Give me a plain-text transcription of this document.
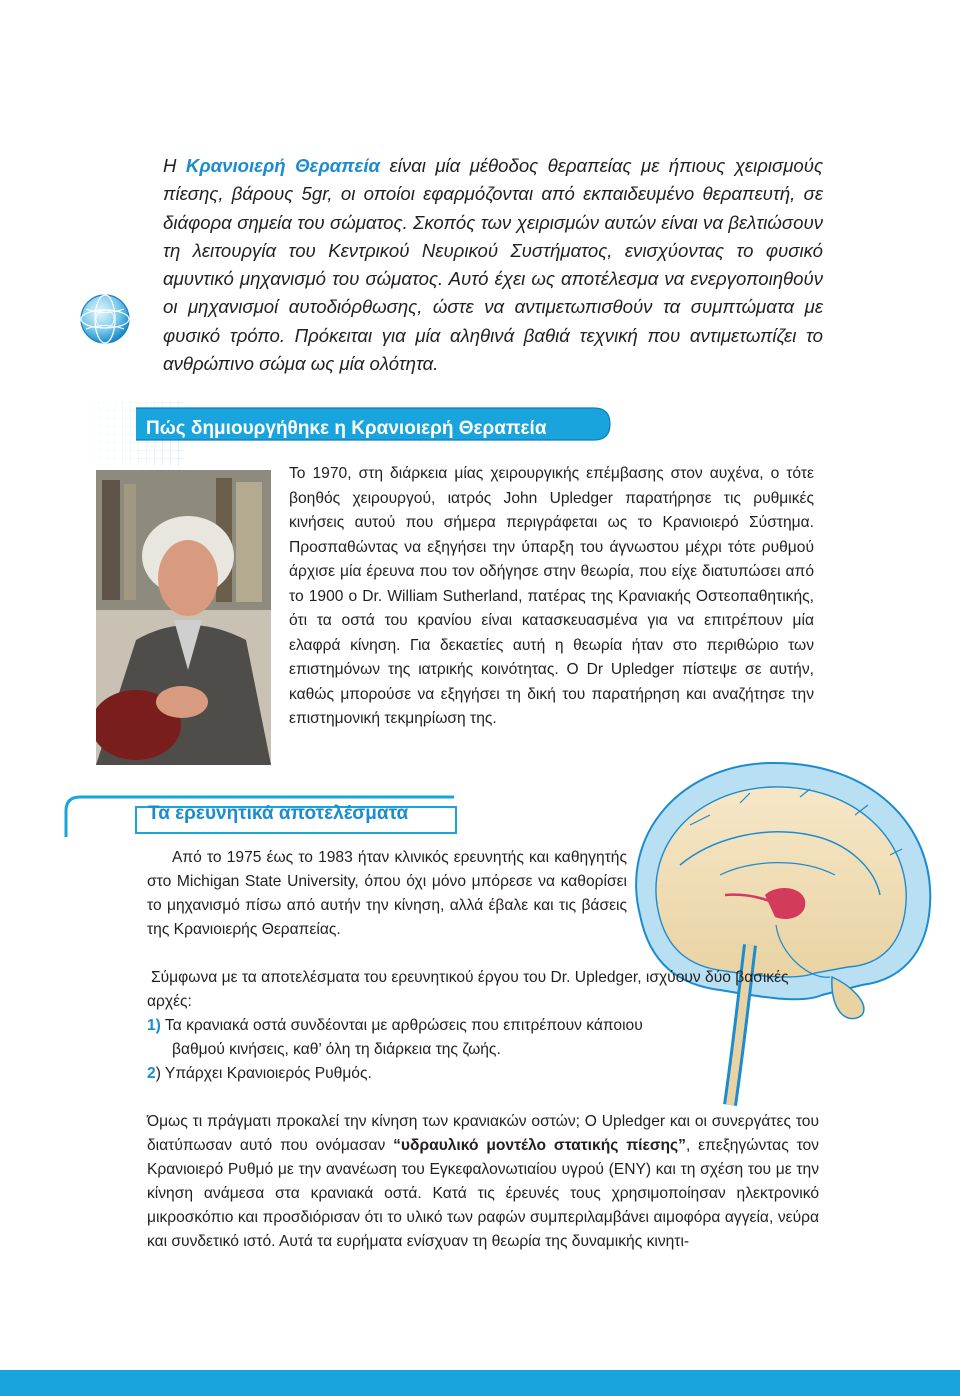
Η Κρανιοιερή Θεραπεία είναι μία μέθοδος θεραπείας με ήπιους χειρισμούς πίεσης, βάρους 5gr, οι οποίοι εφαρμόζονται από εκπαιδευμένο θεραπευτή, σε διάφορα σημεία του σώματος. Σκοπός των χειρισμών αυτών είναι να βελτιώσουν τη λειτουργία του Κεντρικού Νευρικού Συστήματος, ενισχύοντας το φυσικό αμυντικό μηχανισμό του σώματος. Αυτό έχει ως αποτέλεσμα να ενεργοποιηθούν οι μηχανισμοί αυτοδιόρθωσης, ώστε να αντιμετωπισθούν τα συμπτώματα με φυσικό τρόπο. Πρόκειται για μία αληθινά βαθιά τεχνική που αντιμετωπίζει το ανθρώπινο σώμα ως μία ολότητα.
Πώς δημιουργήθηκε η Κρανιοιερή Θεραπεία
Το 1970, στη διάρκεια μίας χειρουργικής επέμβασης στον αυχένα, ο τότε βοηθός χειρουργού, ιατρός John Upledger παρατήρησε τις ρυθμικές κινήσεις αυτού που σήμερα περιγράφεται ως το Κρανιοιερό Σύστημα. Προσπαθώντας να εξηγήσει την ύπαρξη του άγνωστου μέχρι τότε ρυθμού άρχισε μία έρευνα που τον οδήγησε στην θεωρία, που είχε διατυπώσει από το 1900 ο Dr. William Sutherland, πατέρας της Κρανιακής Οστεοπαθητικής, ότι τα οστά του κρανίου είναι κατασκευασμένα για να επιτρέπουν μία ελαφρά κίνηση. Για δεκαετίες αυτή η θεωρία ήταν στο περιθώριο των επιστημόνων της ιατρικής κοινότητας. Ο Dr Upledger πίστεψε σε αυτήν, καθώς μπορούσε να εξηγήσει τη δική του παρατήρηση και αναζήτησε την επιστημονική τεκμηρίωση της.
Τα ερευνητικά αποτελέσματα

Από το 1975 έως το 1983 ήταν κλινικός ερευνητής και καθηγητής στο Michigan State University, όπου όχι μόνο μπόρεσε να καθορίσει το μηχανισμό πίσω από αυτήν την κίνηση, αλλά έβαλε και τις βάσεις της Κρανιοιερής Θεραπείας.

Σύμφωνα με τα αποτελέσματα του ερευνητικού έργου του Dr. Upledger, ισχύουν δύο βασικές αρχές:

1) Τα κρανιακά οστά συνδέονται με αρθρώσεις που επιτρέπουν κάποιου
βαθμού κινήσεις, καθ’ όλη τη διάρκεια της ζωής.

2) Υπάρχει Κρανιοιερός Ρυθμός.

Όμως τι πράγματι προκαλεί την κίνηση των κρανιακών οστών; Ο Upledger και οι συνεργάτες του διατύπωσαν αυτό που ονόμασαν “υδραυλικό μοντέλο στατικής πίεσης”, επεξηγώντας τον Κρανιοιερό Ρυθμό με την ανανέωση του Εγκεφαλονωτιαίου υγρού (ΕΝΥ) και τη σχέση του με την κίνηση ανάμεσα στα κρανιακά οστά. Κατά τις έρευνές τους χρησιμοποίησαν ηλεκτρονικό μικροσκόπιο και προσδιόρισαν ότι το υλικό των ραφών συμπεριλαμβάνει αιμοφόρα αγγεία, νεύρα και συνδετικό ιστό. Αυτά τα ευρήματα ενίσχυαν τη θεωρία της δυναμικής κινητι-
